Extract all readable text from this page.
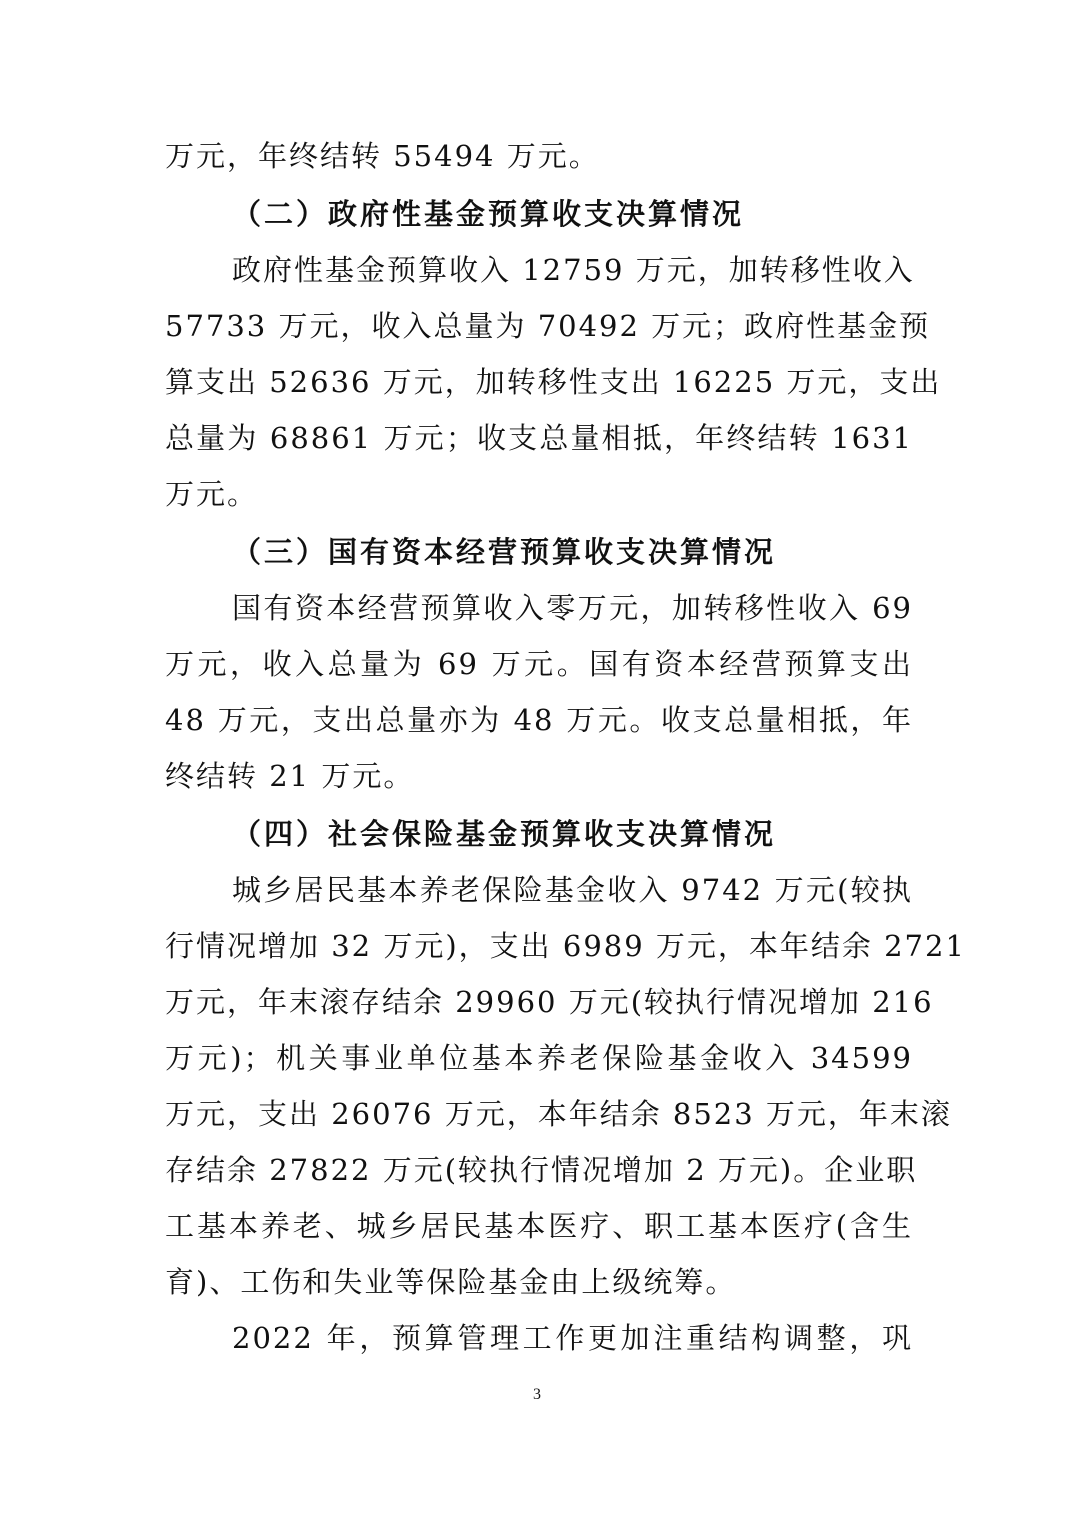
万元，年终结转 55494 万元。
（二）政府性基金预算收支决算情况
政府性基金预算收入 12759 万元，加转移性收入
57733 万元，收入总量为 70492 万元；政府性基金预
算支出 52636 万元，加转移性支出 16225 万元，支出
总量为 68861 万元；收支总量相抵，年终结转 1631
万元。
（三）国有资本经营预算收支决算情况
国有资本经营预算收入零万元，加转移性收入 69
万元，收入总量为 69 万元。国有资本经营预算支出
48 万元，支出总量亦为 48 万元。收支总量相抵，年
终结转 21 万元。
（四）社会保险基金预算收支决算情况
城乡居民基本养老保险基金收入 9742 万元(较执
行情况增加 32 万元)，支出 6989 万元，本年结余 2721
万元，年末滚存结余 29960 万元(较执行情况增加 216
万元)；机关事业单位基本养老保险基金收入 34599
万元，支出 26076 万元，本年结余 8523 万元，年末滚
存结余 27822 万元(较执行情况增加 2 万元)。企业职
工基本养老、城乡居民基本医疗、职工基本医疗(含生
育)、工伤和失业等保险基金由上级统筹。
2022 年，预算管理工作更加注重结构调整，巩
3
